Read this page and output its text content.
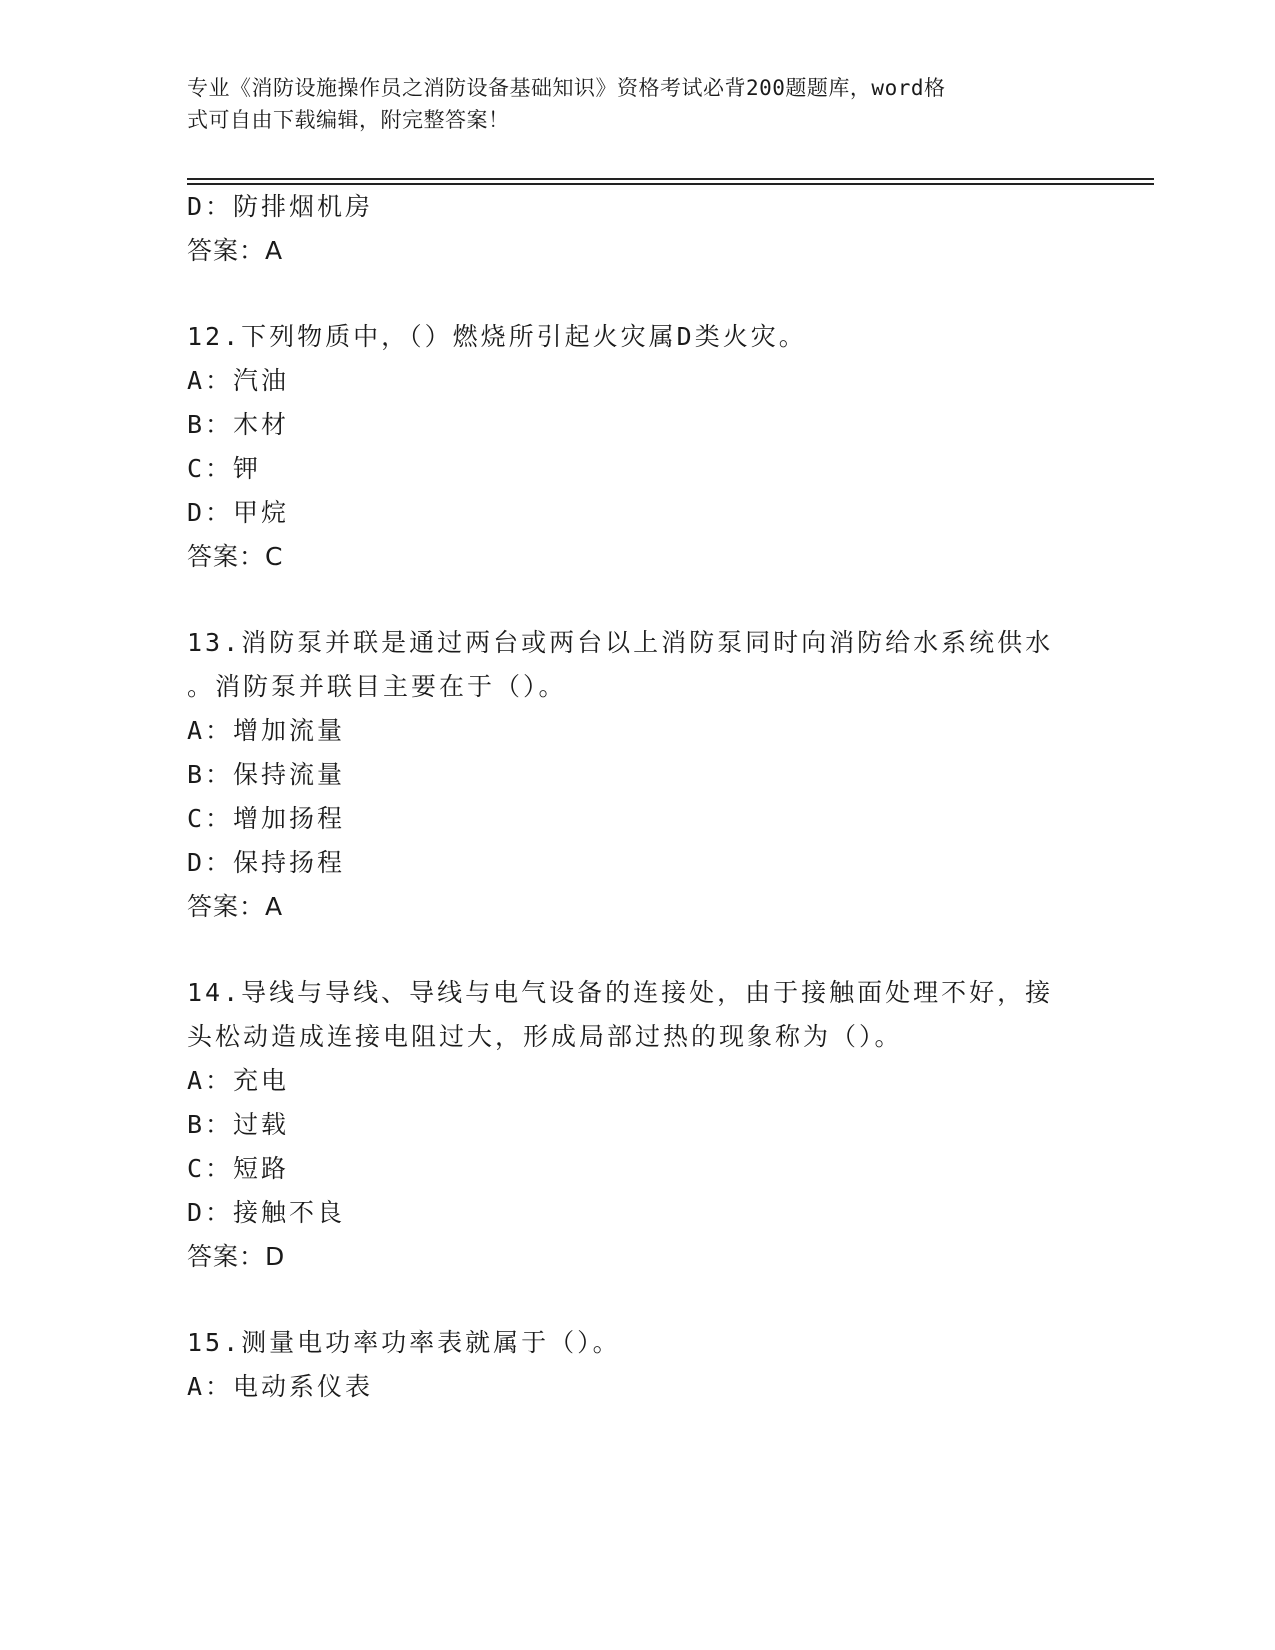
专业《消防设施操作员之消防设备基础知识》资格考试必背200题题库，word格
式可自由下载编辑，附完整答案！
D：防排烟机房
答案：A
12.下列物质中，（）燃烧所引起火灾属D类火灾。
A：汽油
B：木材
C：钾
D：甲烷
答案：C
13.消防泵并联是通过两台或两台以上消防泵同时向消防给水系统供水
。消防泵并联目主要在于（）。
A：增加流量
B：保持流量
C：增加扬程
D：保持扬程
答案：A
14.导线与导线、导线与电气设备的连接处，由于接触面处理不好，接
头松动造成连接电阻过大，形成局部过热的现象称为（）。
A：充电
B：过载
C：短路
D：接触不良
答案：D
15.测量电功率功率表就属于（）。
A：电动系仪表
